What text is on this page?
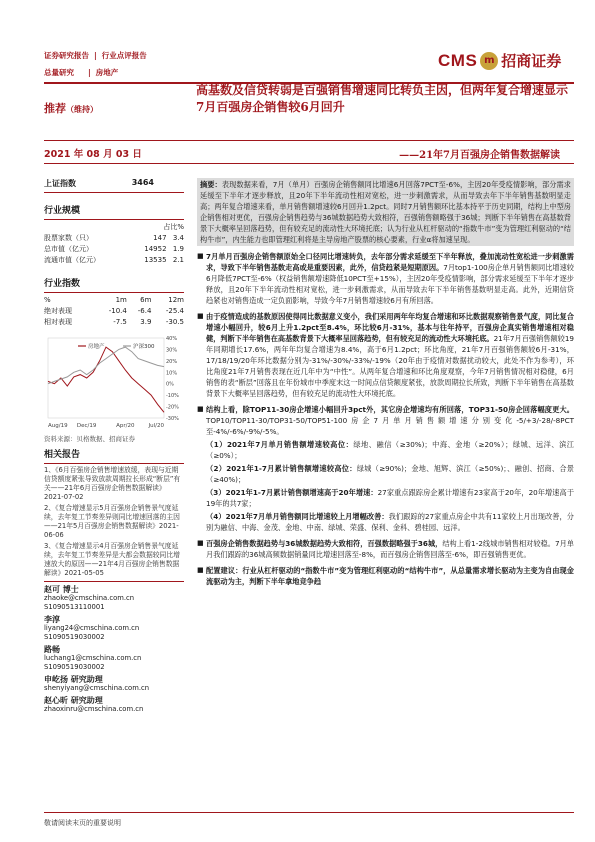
证券研究报告 | 行业点评报告
总量研究 | 房地产
CMS m 招商证券
推荐（维持）
高基数及信贷转弱是百强销售增速同比转负主因，但两年复合增速显示7月百强房企销售较6月回升
2021 年 08 月 03 日	——21年7月百强房企销售数据解读
上证指数	3464
行业规模
占比%
股票家数（只）	147	3.4
总市值（亿元）	14952	1.9
流通市值（亿元）	13535	2.1
行业指数
%	1m	6m	12m
绝对表现	-10.4	-6.4	-25.4
相对表现	-7.5	3.9	-30.5
40%
30%
20%
10%
0%
-10%
-20%
-30%
Aug/19 Dec/19	Apr/20	Jul/20
房地产	沪深300
资料来源：贝格数据、招商证券
相关报告

1、《6月百强房企销售增速放缓，表现与近期信贷额度紧张导致放款周期拉长形成“断层”有关——21年6月百强房企销售数据解读》2021-07-02

2、《复合增速显示5月百强房企销售景气度延续，去年复工节奏差异则同比增速回落的主因——21年5月百强房企销售数据解读》2021-06-06

3、《复合增速显示4月百强房企销售景气度延续，去年复工节奏差异是大都会数据较同比增速放大的原因——21年4月百强房企销售数据解读》2021-05-05

赵可 博士
zhaoke@cmschina.com.cn
S1090513110001
李淳
liyang24@cmschina.com.cn
S1090519030002
路畅
luchang1@cmschina.com.cn
S1090519030002
申屹扬 研究助理
shenyiyang@cmschina.com.cn
赵心昕 研究助理
zhaoxinru@cmschina.com.cn
摘要：表现数据来看，7月（单月）百强房企销售额同比增速6月回落7PCT至-6%，主因20年受疫情影响，部分需求延缓至下半年才逐步释放，且20年下半年流动性相对宽松，进一步刺激需求，从而导致去年下半年销售基数明显走高；两年复合增速来看，单月销售额增速较6月回升1.2pct。同时7月销售额环比基本持平于历史同期，结构上中型房企销售相对更优，百强房企销售趋势与36城数据趋势大致相符，百强销售额略强于36城；判断下半年销售在高基数背景下大概率呈回落趋势，但有较充足的流动性大环境托底；认为行业从杠杆驱动的“指数牛市”变为管理红利驱动的“结构牛市”，内生能力也即管理红利将是主导房地产股票的核心要素，行业α将加速呈现。
■ 7月单月百强房企销售额原始全口径同比增速转负，去年部分需求延缓至下半年释放，叠加流动性宽松进一步刺激需求，导致下半年销售基数走高或是重要因素，此外，信贷趋紧是短期原因。7月top1-100房企单月销售额同比增速较6月降低7PCT至-6%（权益销售额增速降低10PCT至+15%），主因20年受疫情影响，部分需求延缓至下半年才逐步释放，且20年下半年流动性相对宽松，进一步刺激需求，从而导致去年下半年销售基数明显走高。此外，近期信贷趋紧也对销售造成一定负面影响，导致今年7月销售增速较6月有所回落。
■ 由于疫情造成的基数原因使得同比数据意义变小，我们采用两年年均复合增速和环比数据观察销售景气度，同比复合增速小幅回升，较6月上升1.2pct至8.4%，环比较6月-31%，基本与往年持平，百强房企真实销售增速相对稳健，判断下半年销售在高基数背景下大概率呈回落趋势，但有较充足的流动性大环境托底。21年7月百强销售额较19年同期增长17.6%，两年年均复合增速为8.4%，高于6月1.2pct；环比角度，21年7月百强销售额较6月-31%，17/18/19/20年环比数据分别为-31%/-30%/-33%/-19%（20年由于疫情对数据扰动较大，此处不作为参考），环比角度21年7月销售表现在近几年中为“中性”。从两年复合增速和环比角度观察，今年7月销售情况相对稳健，6月销售的表“断层”回落且在年份城市中季度末这一时间点信贷额度紧张，放款周期拉长所致，判断下半年销售在高基数背景下大概率呈回落趋势，但有较充足的流动性大环境托底。
■ 结构上看，除TOP11-30房企增速小幅回升3pct外，其它房企增速均有所回落，TOP31-50房企回落幅度更大。TOP10/TOP11-30/TOP31-50/TOP51-100房企7月单月销售额增速分别变化-5/+3/-28/-8PCT至-4%/-6%/-9%/-5%。
（1）2021年7月单月销售额增速较高位：绿地、融信（≥30%)；中海、金地（≥20%）；绿城、远洋、滨江（≥0%）；
（2）2021年1-7月累计销售额增速较高位：绿城（≥90%)；金地、旭辉、滨江（≥50%)；、融创、招商、合景（≥40%)；
（3）2021年1-7月累计销售额增速高于20年增速：27家重点跟踪房企累计增速有23家高于20年，20年增速高于19年的共7家；
（4）2021年7月单月销售额同比增速较上月增幅改善：我们跟踪的27家重点房企中共有11家较上月出现改善，分别为融信、中海、金茂、金地、中南、绿城、荣盛、保利、金科、碧桂园、远洋。
■ 百强房企销售数据趋势与36城数据趋势大致相符，百强数据略强于36城，结构上看1-2线城市销售相对较稳。7月单月我们跟踪的36城高频数据销量同比增速回落至-8%，而百强房企销售回落至-6%，即百强销售更优。
■ 配置建议：行业从杠杆驱动的“指数牛市”变为管理红利驱动的“结构牛市”，从总量需求增长驱动为主变为自由现金流驱动为主，判断下半年拿地竞争趋
敬请阅读末页的重要说明
